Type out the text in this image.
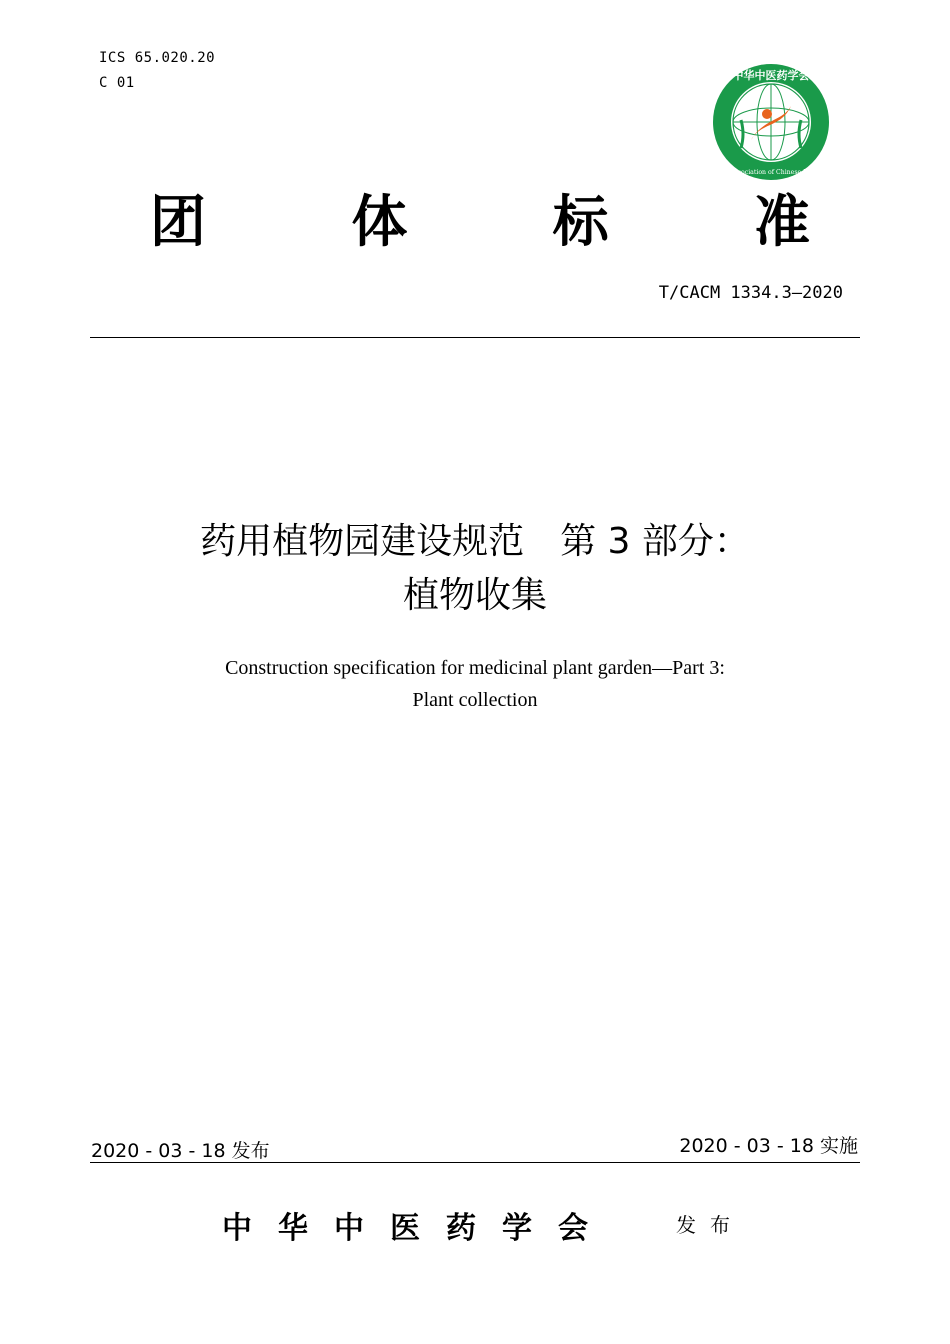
ICS 65.020.20
C 01	中华中医药学会
China Association of Chinese Medicine
团	体	标	准
T/CACM 1334.3—2020
药用植物园建设规范　第 3 部分：
植物收集
Construction specification for medicinal plant garden—Part 3:
Plant collection
2020 - 03 - 18 发布	2020 - 03 - 18 实施
中华中医药学会	发布
